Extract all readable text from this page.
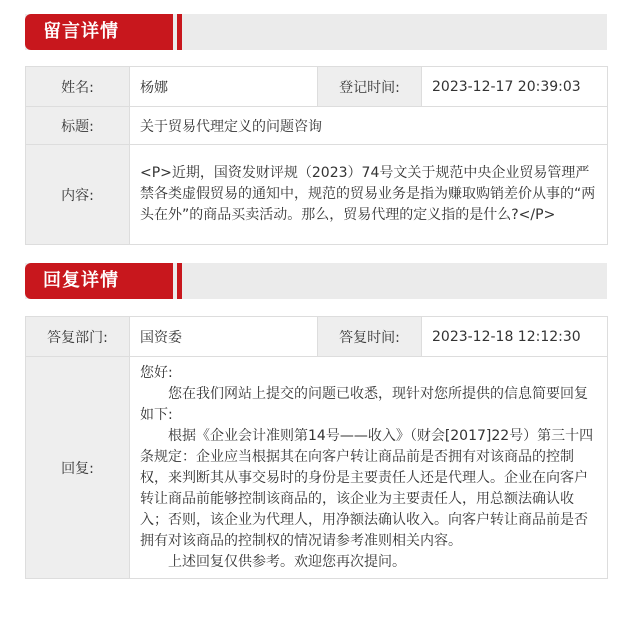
留言详情
姓名:	杨娜	登记时间:	2023-12-17 20:39:03
标题:	关于贸易代理定义的问题咨询		
内容:	<P>近期，国资发财评规（2023）74号文关于规范中央企业贸易管理严禁各类虚假贸易的通知中，规范的贸易业务是指为赚取购销差价从事的“两头在外”的商品买卖活动。那么，贸易代理的定义指的是什么?</P>		
回复详情
答复部门:	国资委	答复时间:	2023-12-18 12:12:30
回复:	您好:
您在我们网站上提交的问题已收悉，现针对您所提供的信息简要回复如下:
根据《企业会计准则第14号——收入》（财会[2017]22号）第三十四条规定：企业应当根据其在向客户转让商品前是否拥有对该商品的控制权，来判断其从事交易时的身份是主要责任人还是代理人。企业在向客户转让商品前能够控制该商品的，该企业为主要责任人，用总额法确认收入；否则，该企业为代理人，用净额法确认收入。向客户转让商品前是否拥有对该商品的控制权的情况请参考准则相关内容。
上述回复仅供参考。欢迎您再次提问。		
